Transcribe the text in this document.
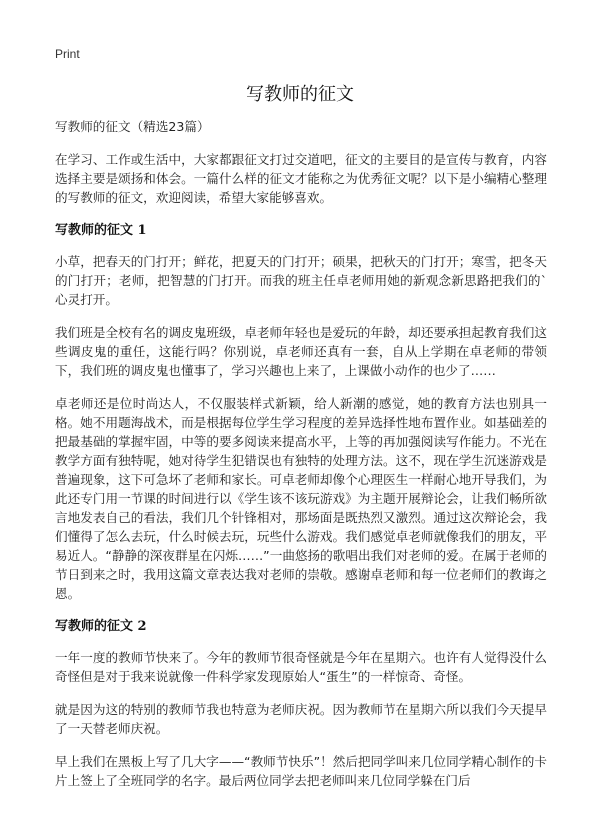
Print
写教师的征文

写教师的征文（精选23篇）

在学习、工作或生活中，大家都跟征文打过交道吧，征文的主要目的是宣传与教育，内容选择主要是颂扬和体会。一篇什么样的征文才能称之为优秀征文呢？以下是小编精心整理的写教师的征文，欢迎阅读，希望大家能够喜欢。

写教师的征文 1

小草，把春天的门打开；鲜花，把夏天的门打开；硕果，把秋天的门打开；寒雪，把冬天的门打开；老师，把智慧的门打开。而我的班主任卓老师用她的新观念新思路把我们的`心灵打开。

我们班是全校有名的调皮鬼班级，卓老师年轻也是爱玩的年龄，却还要承担起教育我们这些调皮鬼的重任，这能行吗？你别说，卓老师还真有一套，自从上学期在卓老师的带领下，我们班的调皮鬼也懂事了，学习兴趣也上来了，上课做小动作的也少了……

卓老师还是位时尚达人，不仅服装样式新颖，给人新潮的感觉，她的教育方法也别具一格。她不用题海战术，而是根据每位学生学习程度的差异选择性地布置作业。如基础差的把最基础的掌握牢固，中等的要多阅读来提高水平，上等的再加强阅读写作能力。不光在教学方面有独特呢，她对待学生犯错误也有独特的处理方法。这不，现在学生沉迷游戏是普遍现象，这下可急坏了老师和家长。可卓老师却像个心理医生一样耐心地开导我们，为此还专门用一节课的时间进行以《学生该不该玩游戏》为主题开展辩论会，让我们畅所欲言地发表自己的看法，我们几个针锋相对，那场面是既热烈又激烈。通过这次辩论会，我们懂得了怎么去玩，什么时候去玩，玩些什么游戏。我们感觉卓老师就像我们的朋友，平易近人。“静静的深夜群星在闪烁……”一曲悠扬的歌唱出我们对老师的爱。在属于老师的节日到来之时，我用这篇文章表达我对老师的崇敬。感谢卓老师和每一位老师们的教诲之恩。

写教师的征文 2

一年一度的教师节快来了。今年的教师节很奇怪就是今年在星期六。也许有人觉得没什么奇怪但是对于我来说就像一件科学家发现原始人“蛋生”的一样惊奇、奇怪。

就是因为这的特别的教师节我也特意为老师庆祝。因为教师节在星期六所以我们今天提早了一天替老师庆祝。

早上我们在黑板上写了几大字——“教师节快乐”！然后把同学叫来几位同学精心制作的卡片上签上了全班同学的名字。最后两位同学去把老师叫来几位同学躲在门后
